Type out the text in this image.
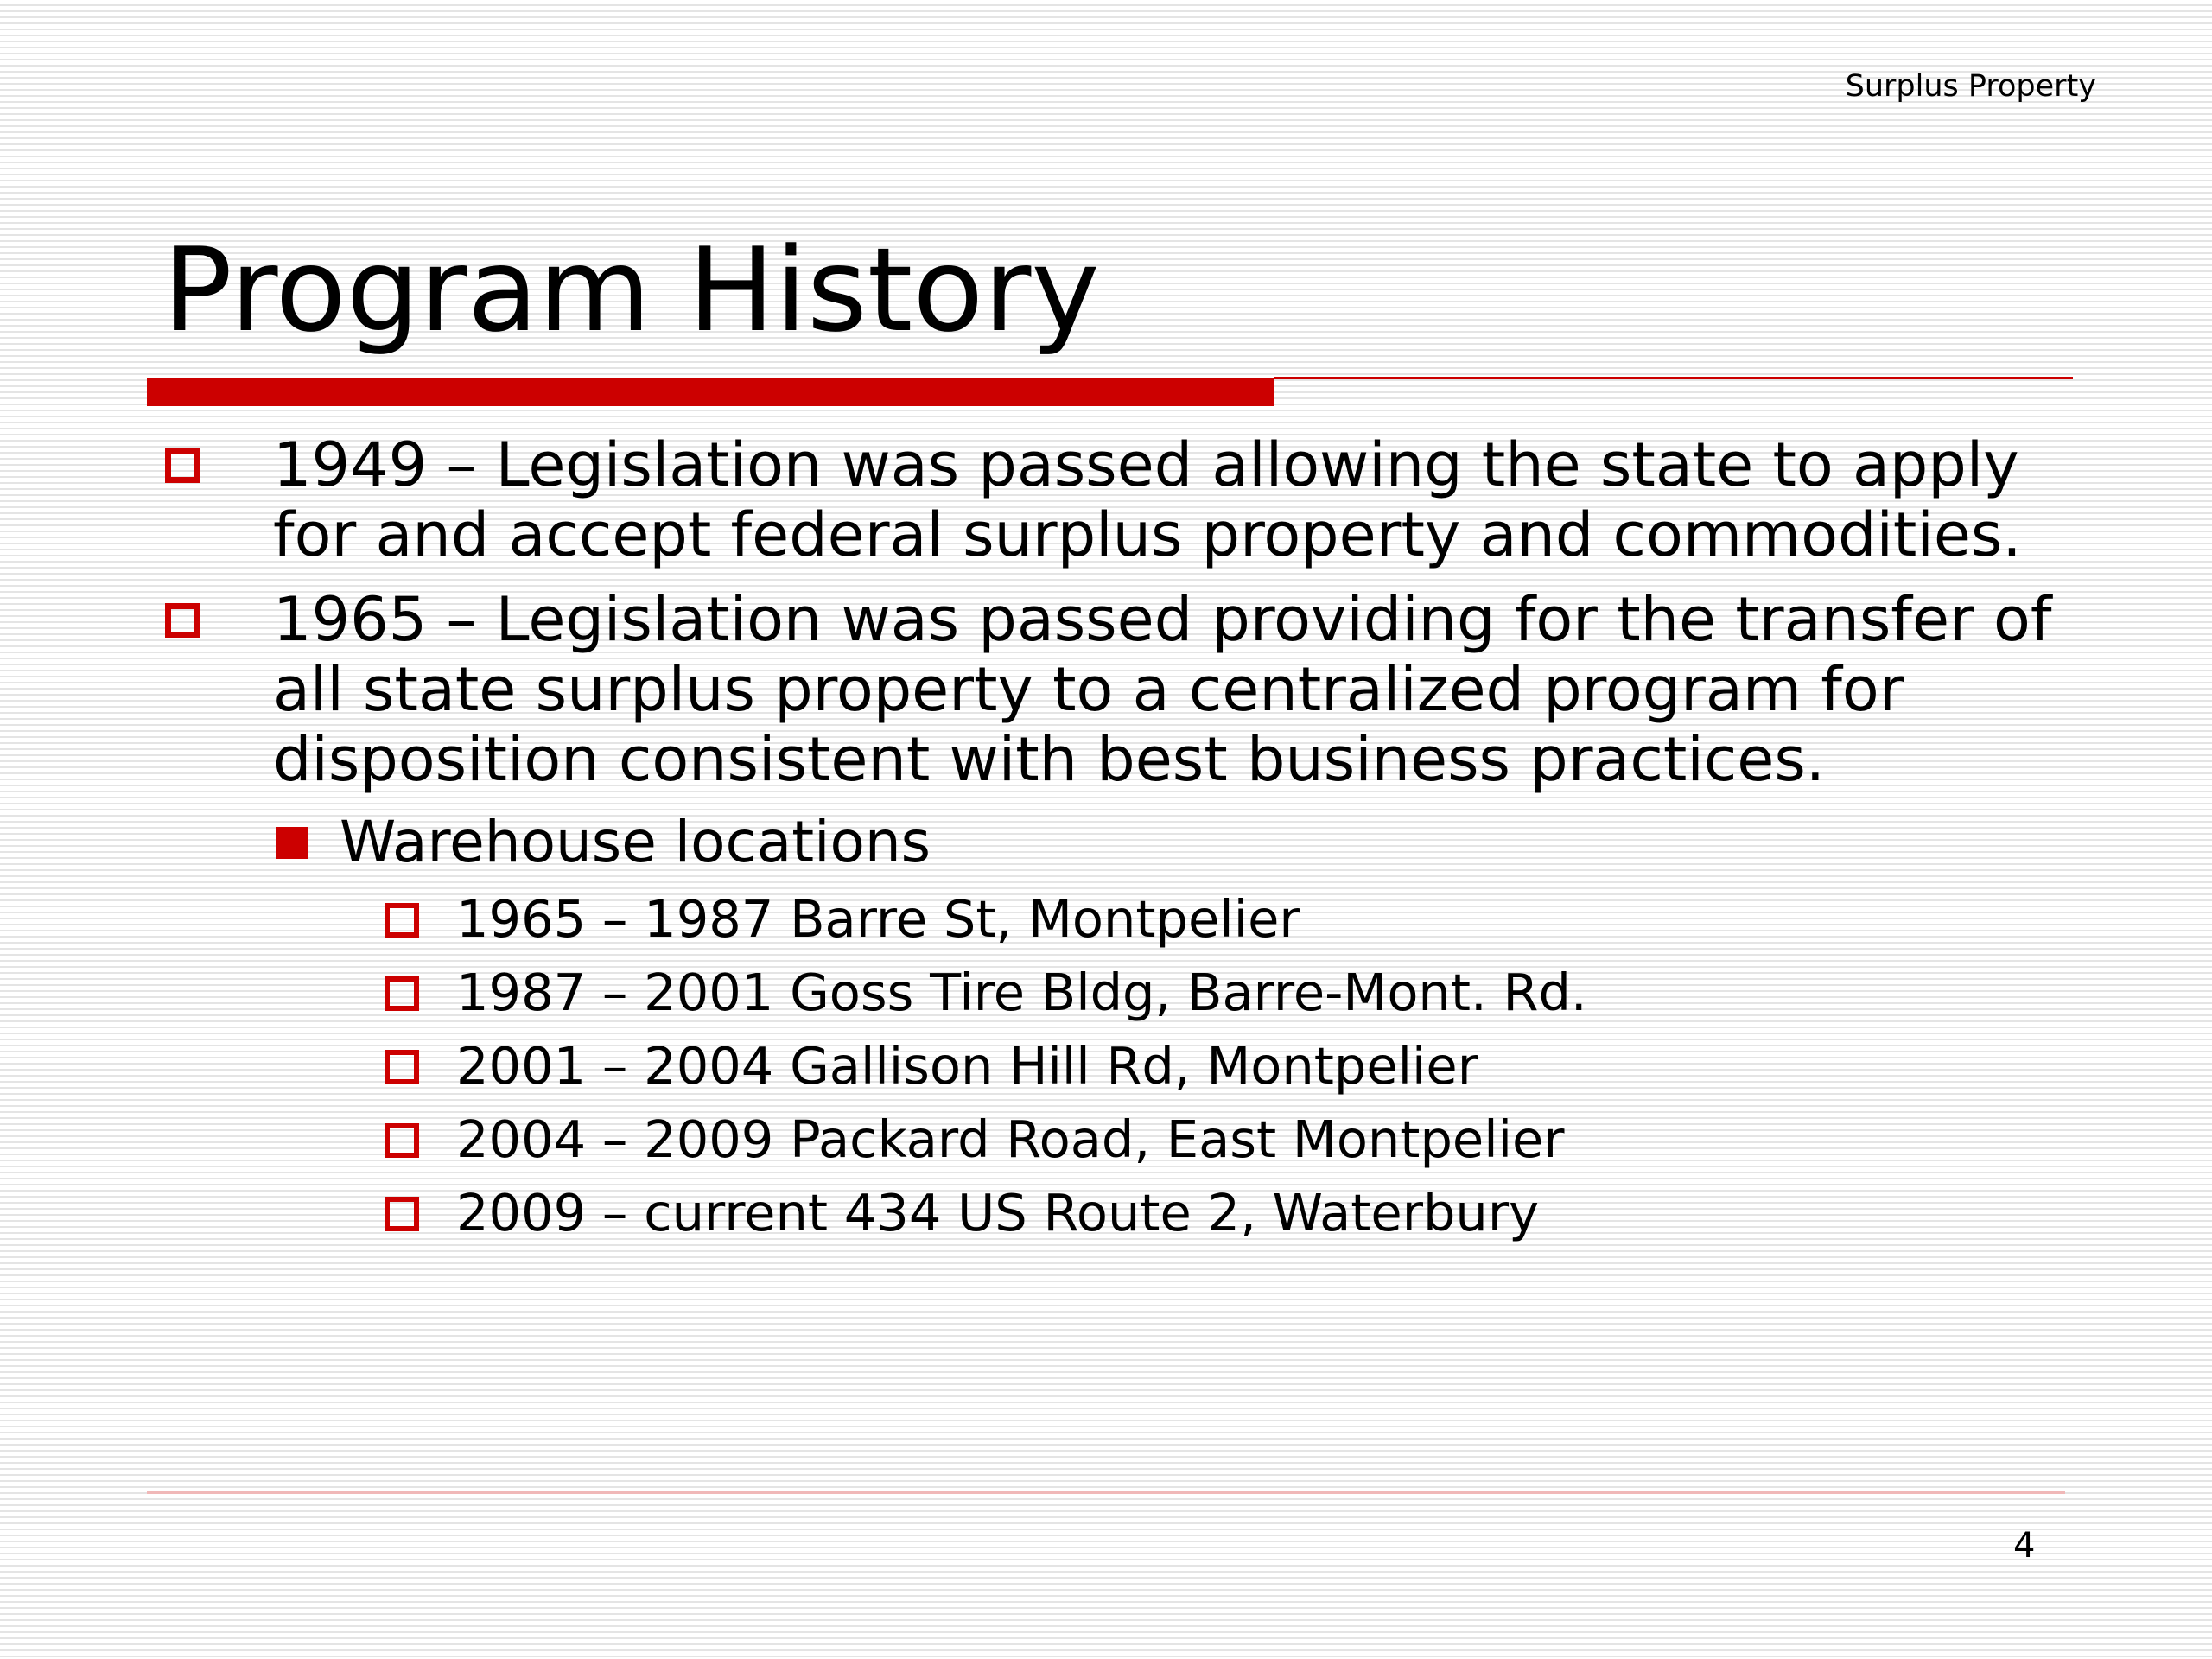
Surplus Property
Program History
1949 – Legislation was passed allowing the state to apply for and accept federal surplus property and commodities.
1965 – Legislation was passed providing for the transfer of all state surplus property to a centralized program for disposition consistent with best business practices.
Warehouse locations
1965 – 1987 Barre St, Montpelier
1987 – 2001 Goss Tire Bldg, Barre-Mont. Rd.
2001 – 2004 Gallison Hill Rd, Montpelier
2004 – 2009 Packard Road, East Montpelier
2009 – current 434 US Route 2, Waterbury
4
